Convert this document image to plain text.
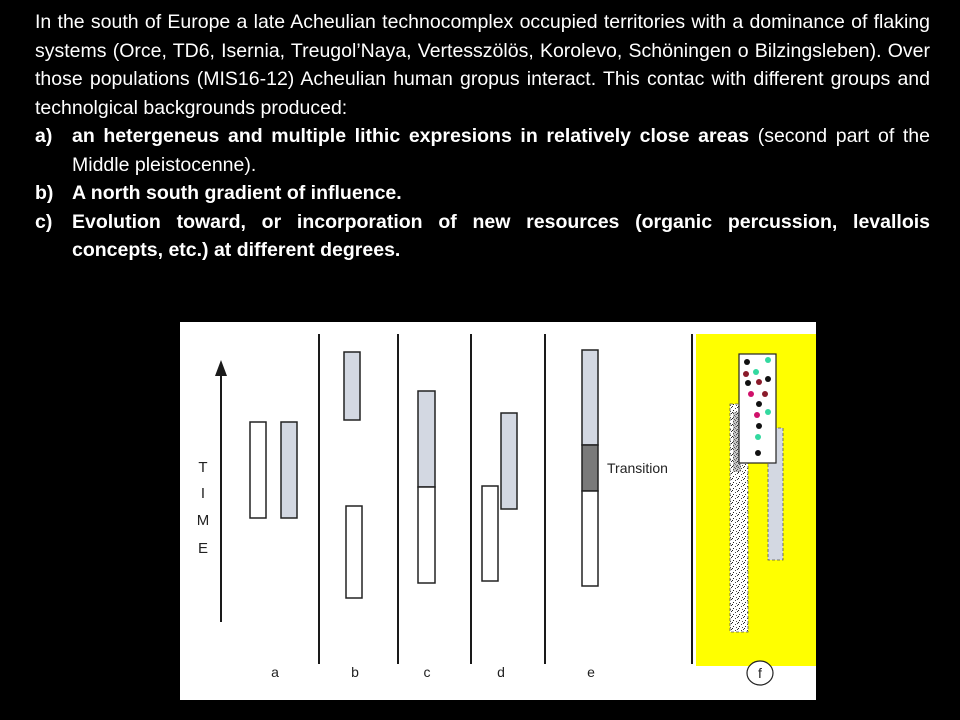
In the south of Europe a late Acheulian technocomplex occupied territories with a dominance of flaking systems (Orce, TD6, Isernia, Treugol’Naya, Vertesszölös, Korolevo, Schöningen o Bilzingsleben). Over those populations (MIS16-12) Acheulian human gropus interact. This contac with different groups and technolgical backgrounds produced:

a) an hetergeneus and multiple lithic expresions in relatively close areas (second part of the Middle pleistocenne).
b) A north south gradient of influence.
c) Evolution toward, or incorporation of new resources (organic percussion, levallois concepts, etc.) at different degrees.
T
I
M
E
Transition
a	b	c	d	e	f
